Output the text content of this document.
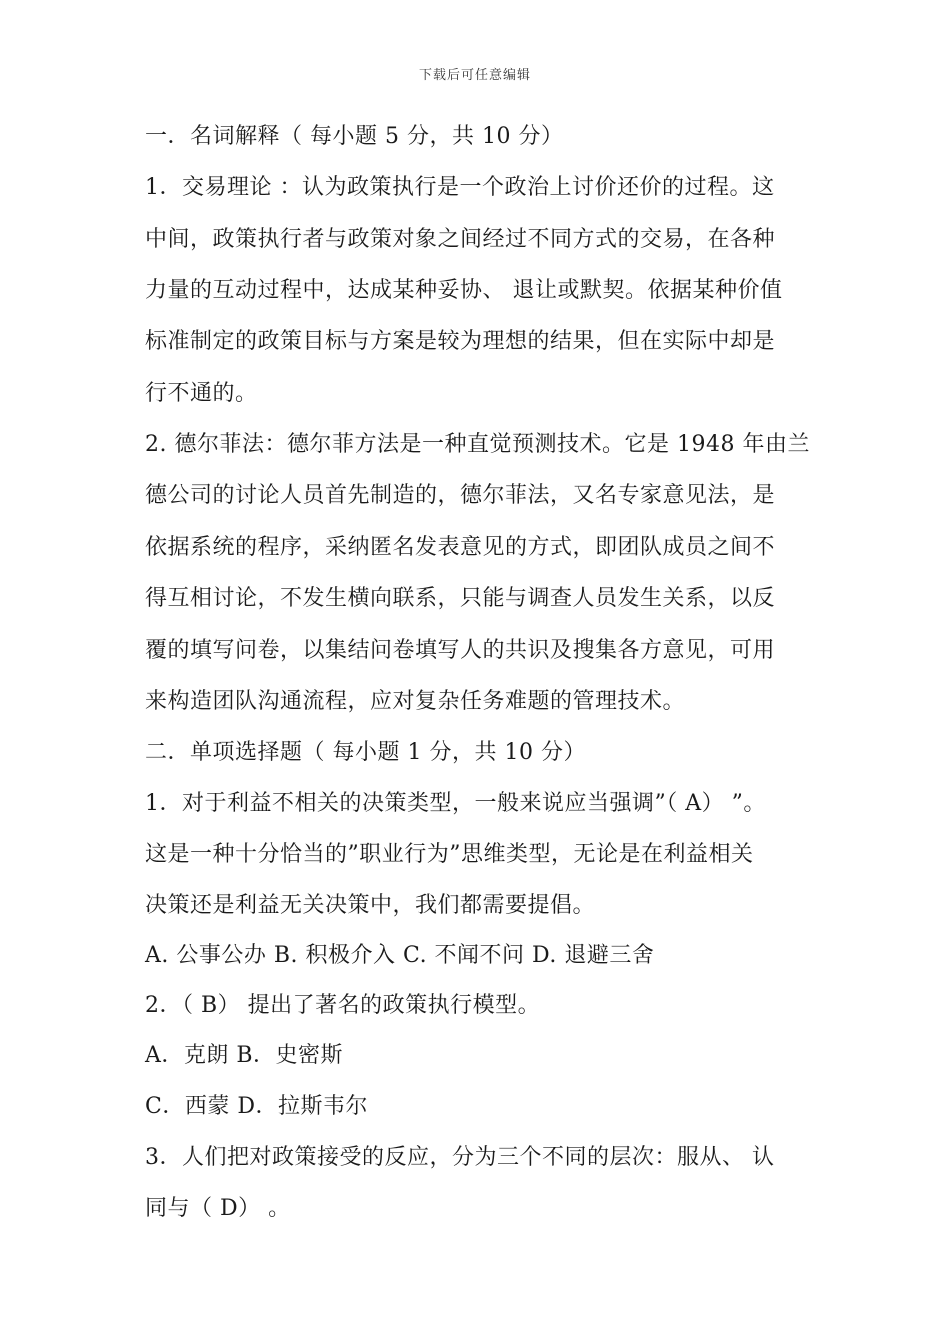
下载后可任意编辑
一．名词解释（ 每小题 5 分，共 10 分）
1．交易理论 ：认为政策执行是一个政治上讨价还价的过程。这
中间，政策执行者与政策对象之间经过不同方式的交易，在各种
力量的互动过程中，达成某种妥协、 退让或默契。依据某种价值
标准制定的政策目标与方案是较为理想的结果，但在实际中却是
行不通的。
2. 德尔菲法：德尔菲方法是一种直觉预测技术。它是 1948 年由兰
德公司的讨论人员首先制造的，德尔菲法，又名专家意见法，是
依据系统的程序，采纳匿名发表意见的方式，即团队成员之间不
得互相讨论，不发生横向联系，只能与调查人员发生关系，以反
覆的填写问卷，以集结问卷填写人的共识及搜集各方意见，可用
来构造团队沟通流程，应对复杂任务难题的管理技术。
二．单项选择题（ 每小题 1 分，共 10 分）
1．对于利益不相关的决策类型，一般来说应当强调”（ A） ”。
这是一种十分恰当的”职业行为”思维类型，无论是在利益相关
决策还是利益无关决策中，我们都需要提倡。
A. 公事公办 B. 积极介入 C. 不闻不问 D. 退避三舍
2．（ B） 提出了著名的政策执行模型。
A．克朗 B．史密斯
C．西蒙 D．拉斯韦尔
3．人们把对政策接受的反应，分为三个不同的层次：服从、 认
同与（ D） 。
